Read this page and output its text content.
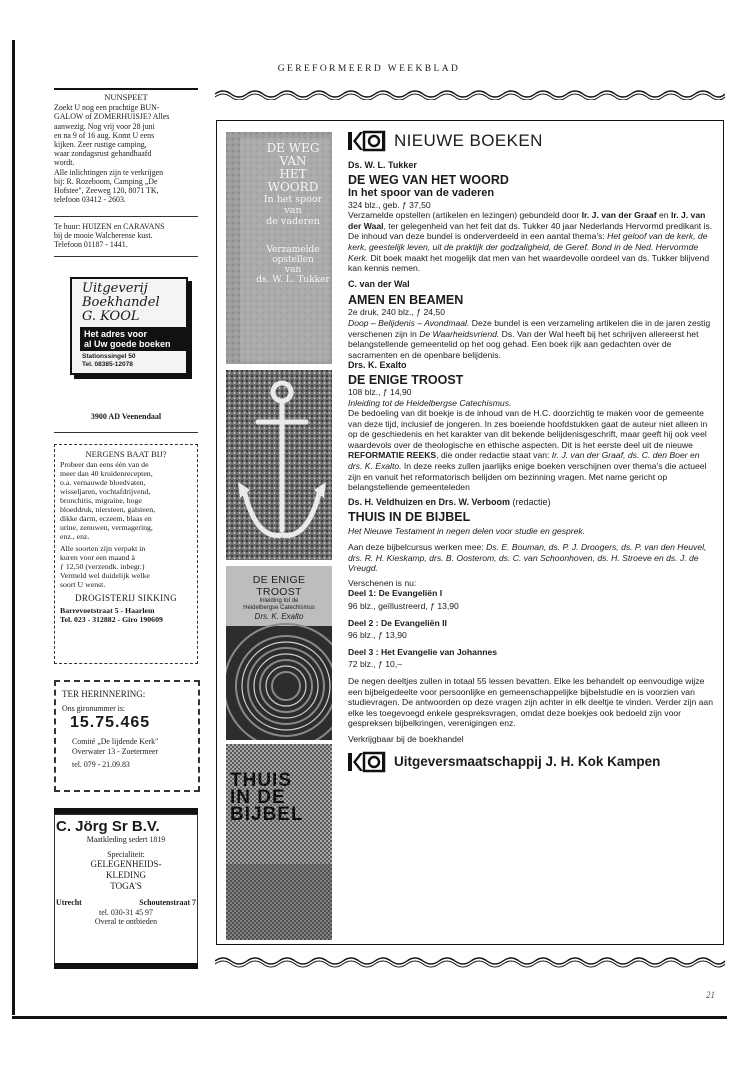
GEREFORMEERD WEEKBLAD
21
NUNSPEET

Zoekt U nog een prachtige BUN-

GALOW of ZOMERHUISJE? Alles

aanwezig. Nog vrij voor 28 juni

en na 9 of 16 aug. Komt U eens

kijken. Zeer rustige camping,

waar zondagsrust gehandhaafd

wordt.

Alle inlichtingen zijn te verkrijgen

bij: R. Rozeboom, Camping „De

Hofstee", Zeeweg 120, 8071 TK,

telefoon 03412 - 2603.

Te huur: HUIZEN en CARAVANS

bij de mooie Walcherense kust.

Telefoon 01187 - 1441.

Uitgeverij
Boekhandel
G. KOOL
Het adres voor
al Uw goede boeken
Stationssingel 50
Tel. 08385-12078
3900 AD Veenendaal
NERGENS BAAT BIJ?

Probeer dan eens één van de

meer dan 40 kruidenrecepten,

o.a. vernauwde bloedvaten,

wisseljaren, vochtafdrijvend,

bronchitis, migraine, hoge

bloeddruk, niersteen, galsteen,

dikke darm, eczeem, blaas en

urine, zenuwen, vermagering,

enz., enz.

Alle soorten zijn verpakt in

kuren voor een maand à

ƒ 12,50 (verzendk. inbegr.)

Vermeld wel duidelijk welke

soort U wenst.

DROGISTERIJ SIKKING

Barrevoetstraat 5 - Haarlem

Tel. 023 - 312882 - Giro 190609

TER HERINNERING:

Ons gironummer is:

15.75.465

Comité „De lijdende Kerk"

Overwater 13 - Zoetermeer

tel. 079 - 21.09.83

C. Jörg Sr B.V.
Maatkleding sedert 1819
Specialiteit:
GELEGENHEIDS-
KLEDING
TOGA'S
Utrecht	Schoutenstraat 7
tel. 030-31 45 97
Overal te ontbieden
DE WEG
VAN
HET WOORD
In het spoor van
de vaderen
Verzamelde
opstellen
van
ds. W. L. Tukker
DE ENIGE TROOST
Inleiding tot de
Heidelbergse Catechismus
Drs. K. Exalto
THUIS
IN DE
BIJBEL
NIEUWE BOEKEN

Ds. W. L. Tukker

DE WEG VAN HET WOORD

In het spoor van de vaderen

324 blz., geb. ƒ 37,50

Verzamelde opstellen (artikelen en lezingen) gebundeld door Ir. J. van der Graaf en Ir. J. van der Waal, ter gelegenheid van het feit dat ds. Tukker 40 jaar Nederlands Hervormd predikant is. De inhoud van deze bundel is onderverdeeld in een aantal thema's: Het geloof van de kerk, de kerk, geestelijk leven, uit de praktijk der godzaligheid, de Geref. Bond in de Ned. Hervormde Kerk. Dit boek maakt het mogelijk dat men van het waardevolle oordeel van ds. Tukker blijvend kan kennis nemen.

C. van der Wal

AMEN EN BEAMEN

2e druk, 240 blz., ƒ 24,50

Doop – Belijdenis – Avondmaal. Deze bundel is een verzameling artikelen die in de jaren zestig verschenen zijn in De Waarheidsvriend. Ds. Van der Wal heeft bij het schrijven allereerst het belangstellende gemeentelid op het oog gehad. Een boek rijk aan gedachten over de sacramenten en de openbare belijdenis.

Drs. K. Exalto

DE ENIGE TROOST

108 blz., ƒ 14,90

Inleiding tot de Heidelbergse Catechismus.

De bedoeling van dit boekje is de inhoud van de H.C. doorzichtig te maken voor de gemeente van deze tijd, inclusief de jongeren. In zes boeiende hoofdstukken gaat de auteur niet alleen in op de geschiedenis en het karakter van dit bekende belijdenisgeschrift, maar geeft hij ook veel waardevols over de theologische en ethische aspecten. Dit is het eerste deel uit de nieuwe REFORMATIE REEKS, die onder redactie staat van: Ir. J. van der Graaf, ds. C. den Boer en drs. K. Exalto. In deze reeks zullen jaarlijks enige boeken verschijnen over thema's die actueel zijn en vanuit het reformatorisch belijden om bezinning vragen. Met name gericht op belangstellende gemeenteleden

Ds. H. Veldhuizen en Drs. W. Verboom (redactie)

THUIS IN DE BIJBEL

Het Nieuwe Testament in negen delen voor studie en gesprek.

Aan deze bijbelcursus werken mee: Ds. E. Bouman, ds. P. J. Droogers, ds. P. van den Heuvel, drs. R. H. Kieskamp, drs. B. Oosterom, ds. C. van Schoonhoven, ds. H. Stroeve en ds. J. de Vreugd.

Verschenen is nu:

Deel 1: De Evangeliën I

96 blz., geïllustreerd, ƒ 13,90

Deel 2 : De Evangeliën II

96 blz., ƒ 13,90

Deel 3 : Het Evangelie van Johannes

72 blz., ƒ 10,–

De negen deeltjes zullen in totaal 55 lessen bevatten. Elke les behandelt op eenvoudige wijze een bijbelgedeelte voor persoonlijke en gemeenschappelijke bijbelstudie en is voorzien van studievragen. De antwoorden op deze vragen zijn achter in elk deeltje te vinden. Verder zijn aan elke les toegevoegd enkele gespreksvragen, omdat deze boekjes ook bedoeld zijn voor gespreksen bijbelkringen, verenigingen enz.

Verkrijgbaar bij de boekhandel

Uitgeversmaatschappij J. H. Kok Kampen
